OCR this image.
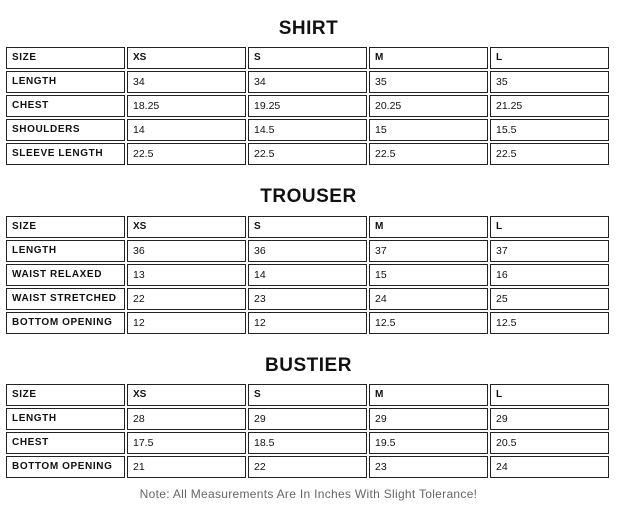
SHIRT
SIZE	XS	S	M	L
LENGTH	34	34	35	35
CHEST	18.25	19.25	20.25	21.25
SHOULDERS	14	14.5	15	15.5
SLEEVE LENGTH	22.5	22.5	22.5	22.5
TROUSER
SIZE	XS	S	M	L
LENGTH	36	36	37	37
WAIST RELAXED	13	14	15	16
WAIST STRETCHED	22	23	24	25
BOTTOM OPENING	12	12	12.5	12.5
BUSTIER
SIZE	XS	S	M	L
LENGTH	28	29	29	29
CHEST	17.5	18.5	19.5	20.5
BOTTOM OPENING	21	22	23	24
Note: All Measurements Are In Inches With Slight Tolerance!
